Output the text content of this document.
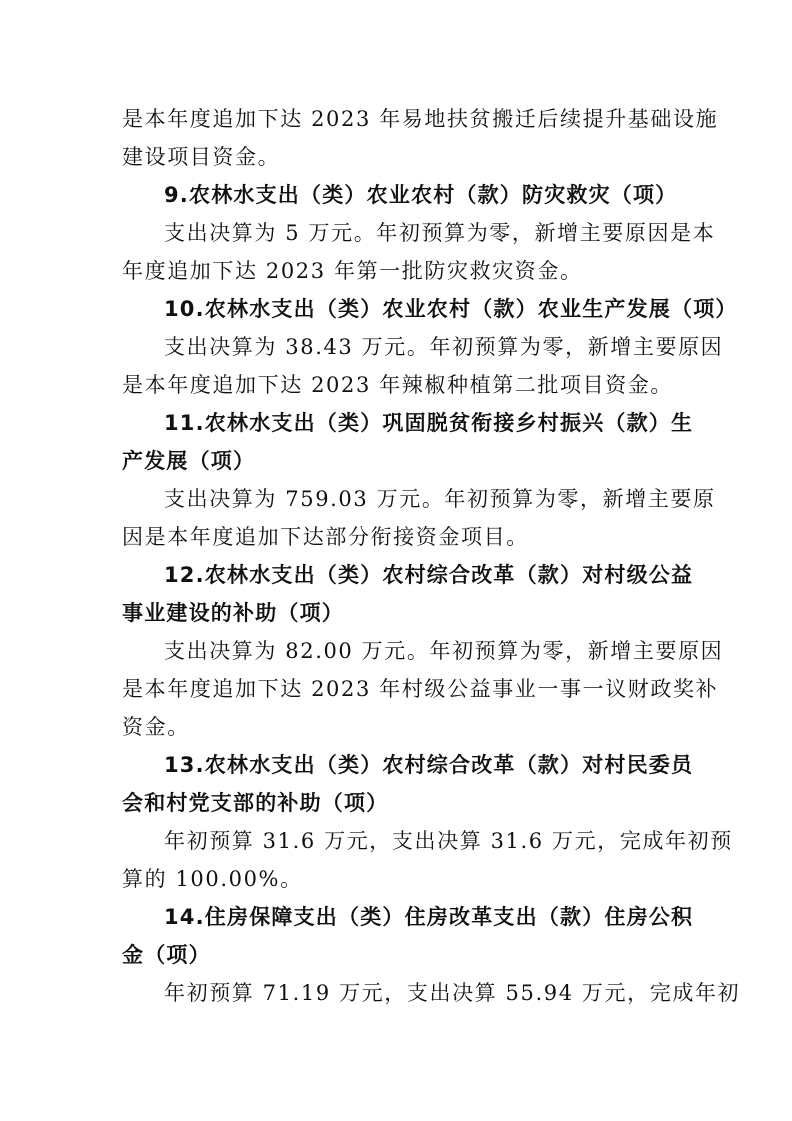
是本年度追加下达 2023 年易地扶贫搬迁后续提升基础设施
建设项目资金。
9.农林水支出（类）农业农村（款）防灾救灾（项）
支出决算为 5 万元。年初预算为零，新增主要原因是本
年度追加下达 2023 年第一批防灾救灾资金。
10.农林水支出（类）农业农村（款）农业生产发展（项）
支出决算为 38.43 万元。年初预算为零，新增主要原因
是本年度追加下达 2023 年辣椒种植第二批项目资金。
11.农林水支出（类）巩固脱贫衔接乡村振兴（款）生
产发展（项）
支出决算为 759.03 万元。年初预算为零，新增主要原
因是本年度追加下达部分衔接资金项目。
12.农林水支出（类）农村综合改革（款）对村级公益
事业建设的补助（项）
支出决算为 82.00 万元。年初预算为零，新增主要原因
是本年度追加下达 2023 年村级公益事业一事一议财政奖补
资金。
13.农林水支出（类）农村综合改革（款）对村民委员
会和村党支部的补助（项）
年初预算 31.6 万元，支出决算 31.6 万元，完成年初预
算的 100.00%。
14.住房保障支出（类）住房改革支出（款）住房公积
金（项）
年初预算 71.19 万元，支出决算 55.94 万元，完成年初
